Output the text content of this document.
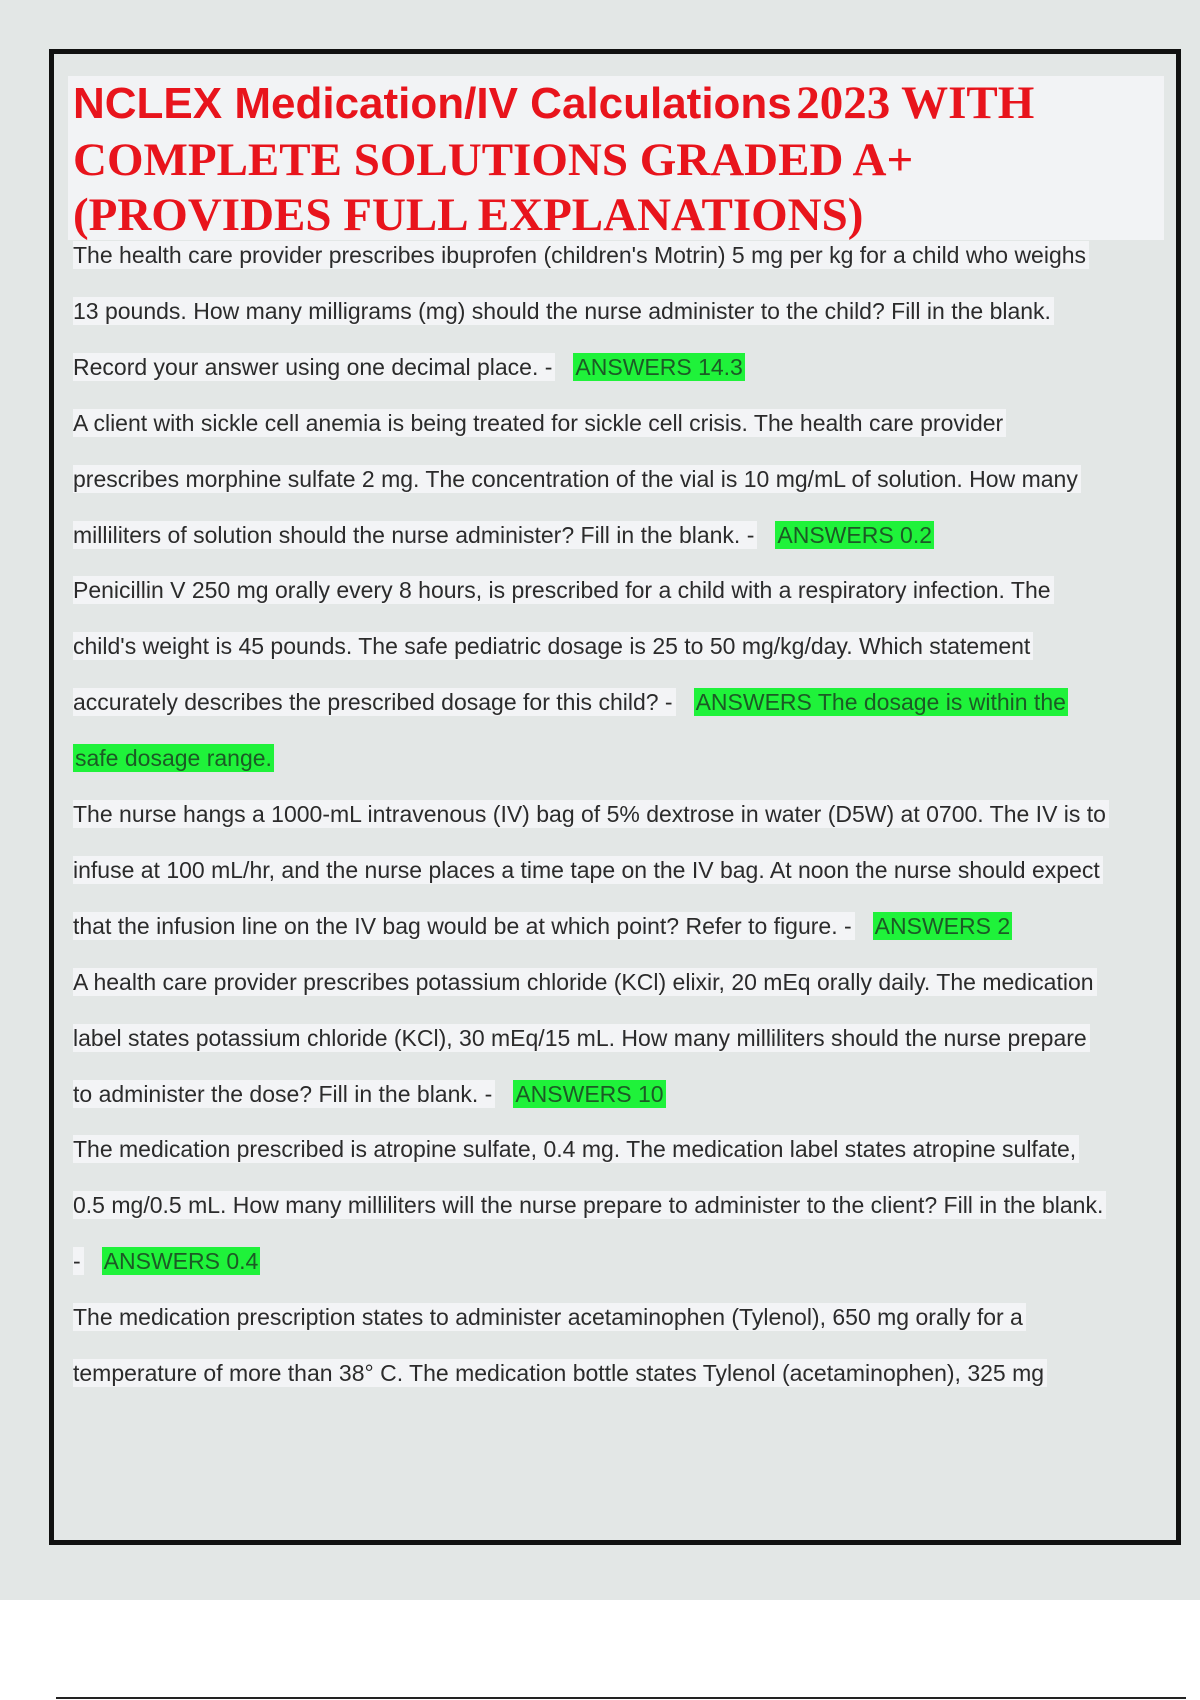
NCLEX Medication/IV Calculations 2023 WITH
COMPLETE SOLUTIONS GRADED A+
(PROVIDES FULL EXPLANATIONS)
The health care provider prescribes ibuprofen (children's Motrin) 5 mg per kg for a child who weighs
13 pounds. How many milligrams (mg) should the nurse administer to the child? Fill in the blank.
Record your answer using one decimal place. - ANSWERS 14.3
A client with sickle cell anemia is being treated for sickle cell crisis. The health care provider
prescribes morphine sulfate 2 mg. The concentration of the vial is 10 mg/mL of solution. How many
milliliters of solution should the nurse administer? Fill in the blank. - ANSWERS 0.2
Penicillin V 250 mg orally every 8 hours, is prescribed for a child with a respiratory infection. The
child's weight is 45 pounds. The safe pediatric dosage is 25 to 50 mg/kg/day. Which statement
accurately describes the prescribed dosage for this child? - ANSWERS The dosage is within the
safe dosage range.
The nurse hangs a 1000-mL intravenous (IV) bag of 5% dextrose in water (D5W) at 0700. The IV is to
infuse at 100 mL/hr, and the nurse places a time tape on the IV bag. At noon the nurse should expect
that the infusion line on the IV bag would be at which point? Refer to figure. - ANSWERS 2
A health care provider prescribes potassium chloride (KCl) elixir, 20 mEq orally daily. The medication
label states potassium chloride (KCl), 30 mEq/15 mL. How many milliliters should the nurse prepare
to administer the dose? Fill in the blank. - ANSWERS 10
The medication prescribed is atropine sulfate, 0.4 mg. The medication label states atropine sulfate,
0.5 mg/0.5 mL. How many milliliters will the nurse prepare to administer to the client? Fill in the blank.
- ANSWERS 0.4
The medication prescription states to administer acetaminophen (Tylenol), 650 mg orally for a
temperature of more than 38° C. The medication bottle states Tylenol (acetaminophen), 325 mg
